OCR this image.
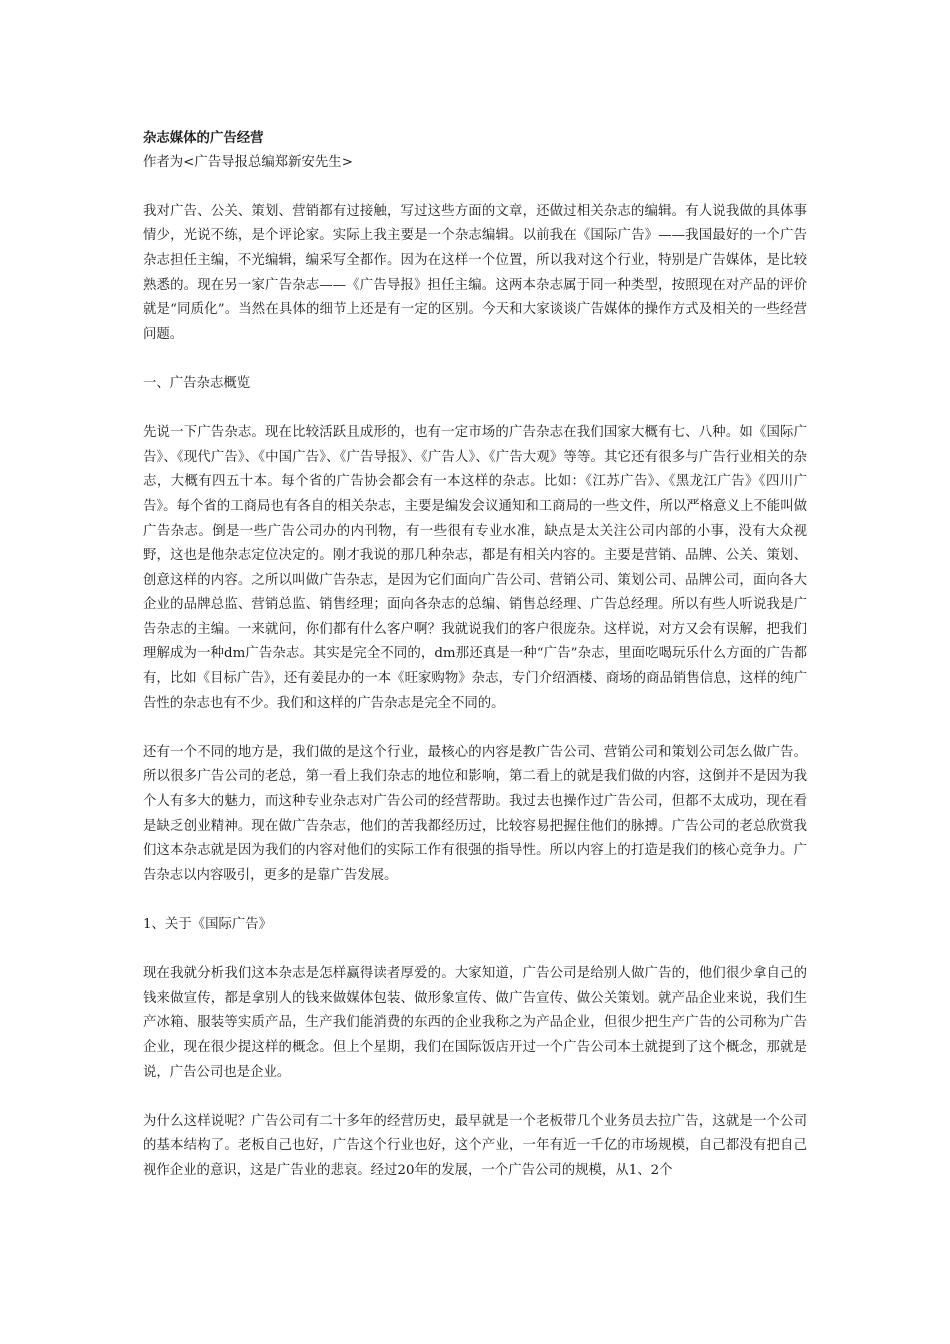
杂志媒体的广告经营

作者为<广告导报总编郑新安先生>

我对广告、公关、策划、营销都有过接触，写过这些方面的文章，还做过相关杂志的编辑。有人说我做的具体事情少，光说不练，是个评论家。实际上我主要是一个杂志编辑。以前我在《国际广告》——我国最好的一个广告杂志担任主编，不光编辑，编采写全都作。因为在这样一个位置，所以我对这个行业，特别是广告媒体，是比较熟悉的。现在另一家广告杂志——《广告导报》担任主编。这两本杂志属于同一种类型，按照现在对产品的评价就是“同质化”。当然在具体的细节上还是有一定的区别。今天和大家谈谈广告媒体的操作方式及相关的一些经营问题。

一、广告杂志概览

先说一下广告杂志。现在比较活跃且成形的，也有一定市场的广告杂志在我们国家大概有七、八种。如《国际广告》、《现代广告》、《中国广告》、《广告导报》、《广告人》、《广告大观》等等。其它还有很多与广告行业相关的杂志，大概有四五十本。每个省的广告协会都会有一本这样的杂志。比如：《江苏广告》、《黑龙江广告》《四川广告》。每个省的工商局也有各自的相关杂志，主要是编发会议通知和工商局的一些文件，所以严格意义上不能叫做广告杂志。倒是一些广告公司办的内刊物，有一些很有专业水准，缺点是太关注公司内部的小事，没有大众视野，这也是他杂志定位决定的。刚才我说的那几种杂志，都是有相关内容的。主要是营销、品牌、公关、策划、创意这样的内容。之所以叫做广告杂志，是因为它们面向广告公司、营销公司、策划公司、品牌公司，面向各大企业的品牌总监、营销总监、销售经理；面向各杂志的总编、销售总经理、广告总经理。所以有些人听说我是广告杂志的主编。一来就问，你们都有什么客户啊？我就说我们的客户很庞杂。这样说，对方又会有误解，把我们理解成为一种dm广告杂志。其实是完全不同的，dm那还真是一种“广告”杂志，里面吃喝玩乐什么方面的广告都有，比如《目标广告》，还有姜昆办的一本《旺家购物》杂志，专门介绍酒楼、商场的商品销售信息，这样的纯广告性的杂志也有不少。我们和这样的广告杂志是完全不同的。

还有一个不同的地方是，我们做的是这个行业，最核心的内容是教广告公司、营销公司和策划公司怎么做广告。所以很多广告公司的老总，第一看上我们杂志的地位和影响，第二看上的就是我们做的内容，这倒并不是因为我个人有多大的魅力，而这种专业杂志对广告公司的经营帮助。我过去也操作过广告公司，但都不太成功，现在看是缺乏创业精神。现在做广告杂志，他们的苦我都经历过，比较容易把握住他们的脉搏。广告公司的老总欣赏我们这本杂志就是因为我们的内容对他们的实际工作有很强的指导性。所以内容上的打造是我们的核心竞争力。广告杂志以内容吸引，更多的是靠广告发展。

1、关于《国际广告》

现在我就分析我们这本杂志是怎样赢得读者厚爱的。大家知道，广告公司是给别人做广告的，他们很少拿自己的钱来做宣传，都是拿别人的钱来做媒体包装、做形象宣传、做广告宣传、做公关策划。就产品企业来说，我们生产冰箱、服装等实质产品，生产我们能消费的东西的企业我称之为产品企业，但很少把生产广告的公司称为广告企业，现在很少提这样的概念。但上个星期，我们在国际饭店开过一个广告公司本土就提到了这个概念，那就是说，广告公司也是企业。

为什么这样说呢？广告公司有二十多年的经营历史，最早就是一个老板带几个业务员去拉广告，这就是一个公司的基本结构了。老板自己也好，广告这个行业也好，这个产业，一年有近一千亿的市场规模，自己都没有把自己视作企业的意识，这是广告业的悲哀。经过20年的发展，一个广告公司的规模，从1、2个
